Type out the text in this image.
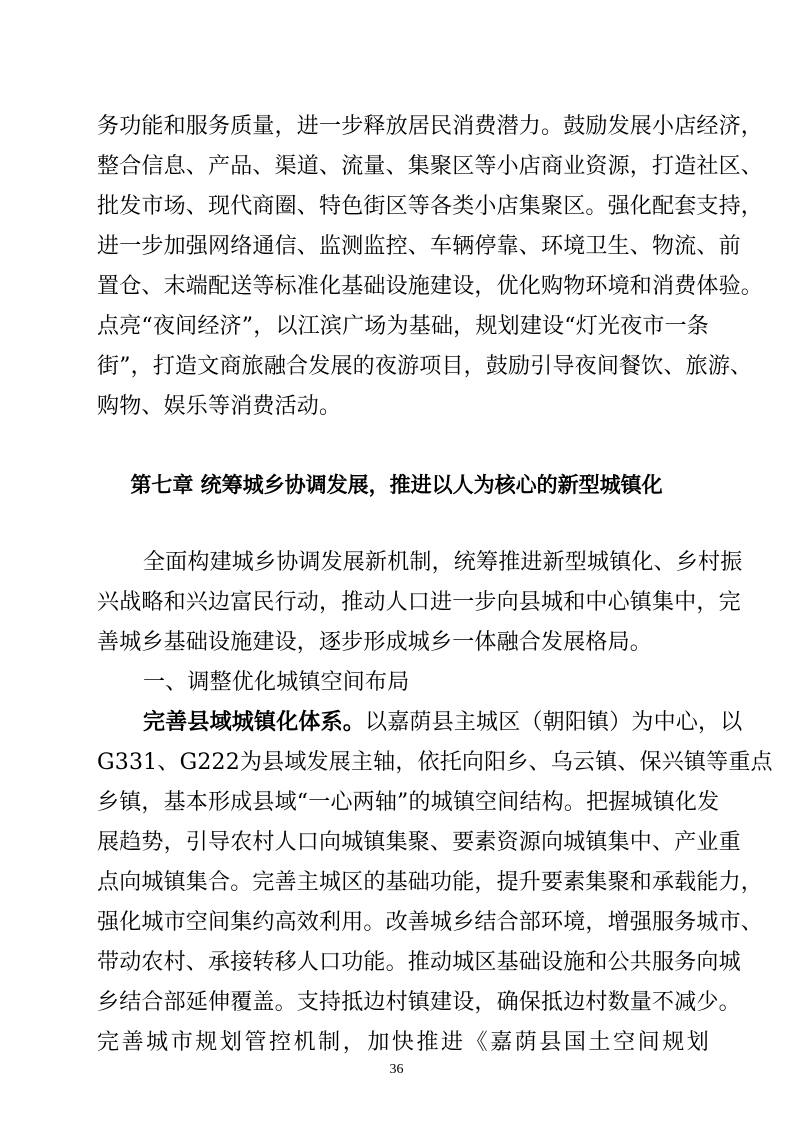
务功能和服务质量，进一步释放居民消费潜力。鼓励发展小店经济，
整合信息、产品、渠道、流量、集聚区等小店商业资源，打造社区、
批发市场、现代商圈、特色街区等各类小店集聚区。强化配套支持，
进一步加强网络通信、监测监控、车辆停靠、环境卫生、物流、前
置仓、末端配送等标准化基础设施建设，优化购物环境和消费体验。
点亮“夜间经济”，以江滨广场为基础，规划建设“灯光夜市一条
街”，打造文商旅融合发展的夜游项目，鼓励引导夜间餐饮、旅游、
购物、娱乐等消费活动。
第七章 统筹城乡协调发展，推进以人为核心的新型城镇化
全面构建城乡协调发展新机制，统筹推进新型城镇化、乡村振
兴战略和兴边富民行动，推动人口进一步向县城和中心镇集中，完
善城乡基础设施建设，逐步形成城乡一体融合发展格局。
一、调整优化城镇空间布局
完善县域城镇化体系。以嘉荫县主城区（朝阳镇）为中心，以
G331、G222为县域发展主轴，依托向阳乡、乌云镇、保兴镇等重点
乡镇，基本形成县域“一心两轴”的城镇空间结构。把握城镇化发
展趋势，引导农村人口向城镇集聚、要素资源向城镇集中、产业重
点向城镇集合。完善主城区的基础功能，提升要素集聚和承载能力，
强化城市空间集约高效利用。改善城乡结合部环境，增强服务城市、
带动农村、承接转移人口功能。推动城区基础设施和公共服务向城
乡结合部延伸覆盖。支持抵边村镇建设，确保抵边村数量不减少。
完善城市规划管控机制，加快推进《嘉荫县国土空间规划
36
